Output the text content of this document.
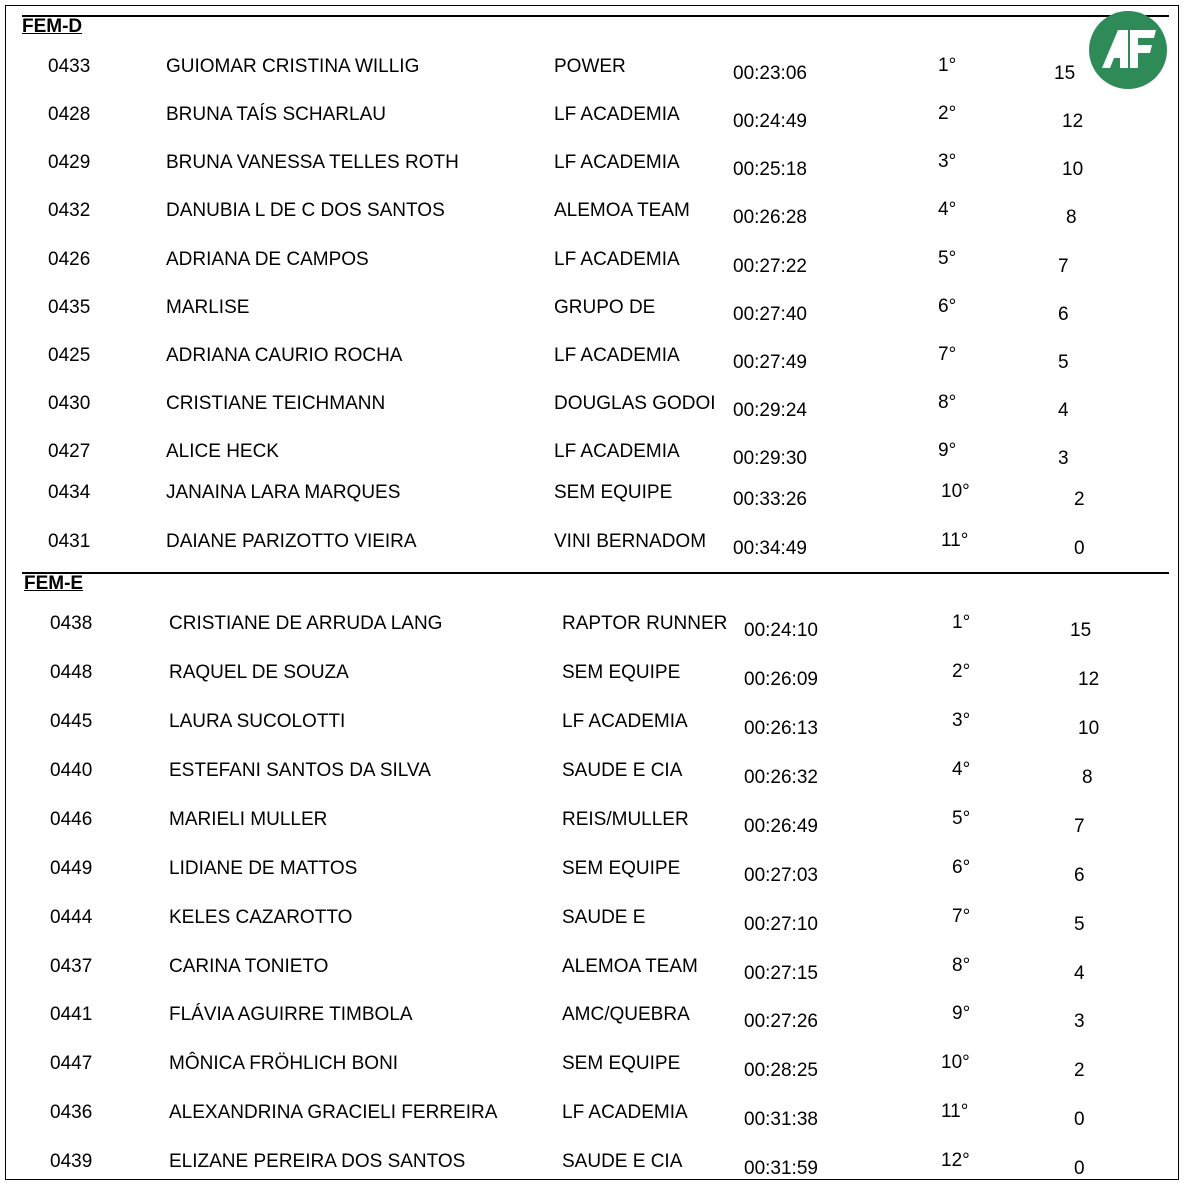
FEM-D
FEM-E
0433	GUIOMAR CRISTINA WILLIG	POWER	00:23:06	1°	15
0428	BRUNA TAÍS SCHARLAU	LF ACADEMIA	00:24:49	2°	12
0429	BRUNA VANESSA TELLES ROTH	LF ACADEMIA	00:25:18	3°	10
0432	DANUBIA L DE C DOS SANTOS	ALEMOA TEAM 00:26:28	4°	8
0426	ADRIANA DE CAMPOS	LF ACADEMIA	00:27:22	5°	7
0435	MARLISE	GRUPO DE	00:27:40	6°	6
0425	ADRIANA CAURIO ROCHA	LF ACADEMIA	00:27:49	7°	5
0430	CRISTIANE TEICHMANN	DOUGLAS GODOI 00:29:24	8°	4
0427	ALICE HECK	LF ACADEMIA	00:29:30	9°	3
0434	JANAINA LARA MARQUES	SEM EQUIPE	00:33:26	10°	2
0431	DAIANE PARIZOTTO VIEIRA	VINI BERNADOM 00:34:49	11°	0
0438	CRISTIANE DE ARRUDA LANG	RAPTOR RUNNER 00:24:10	1°	15
0448	RAQUEL DE SOUZA	SEM EQUIPE	00:26:09	2°	12
0445	LAURA SUCOLOTTI	LF ACADEMIA	00:26:13	3°	10
0440	ESTEFANI SANTOS DA SILVA	SAUDE E CIA	00:26:32	4°	8
0446	MARIELI MULLER	REIS/MULLER	00:26:49	5°	7
0449	LIDIANE DE MATTOS	SEM EQUIPE	00:27:03	6°	6
0444	KELES CAZAROTTO	SAUDE E	00:27:10	7°	5
0437	CARINA TONIETO	ALEMOA TEAM 00:27:15	8°	4
0441	FLÁVIA AGUIRRE TIMBOLA	AMC/QUEBRA	00:27:26	9°	3
0447	MÔNICA FRÖHLICH BONI	SEM EQUIPE	00:28:25	10°	2
0436	ALEXANDRINA GRACIELI FERREIRA	LF ACADEMIA	00:31:38	11°	0
0439	ELIZANE PEREIRA DOS SANTOS	SAUDE E CIA	00:31:59	12°	0
